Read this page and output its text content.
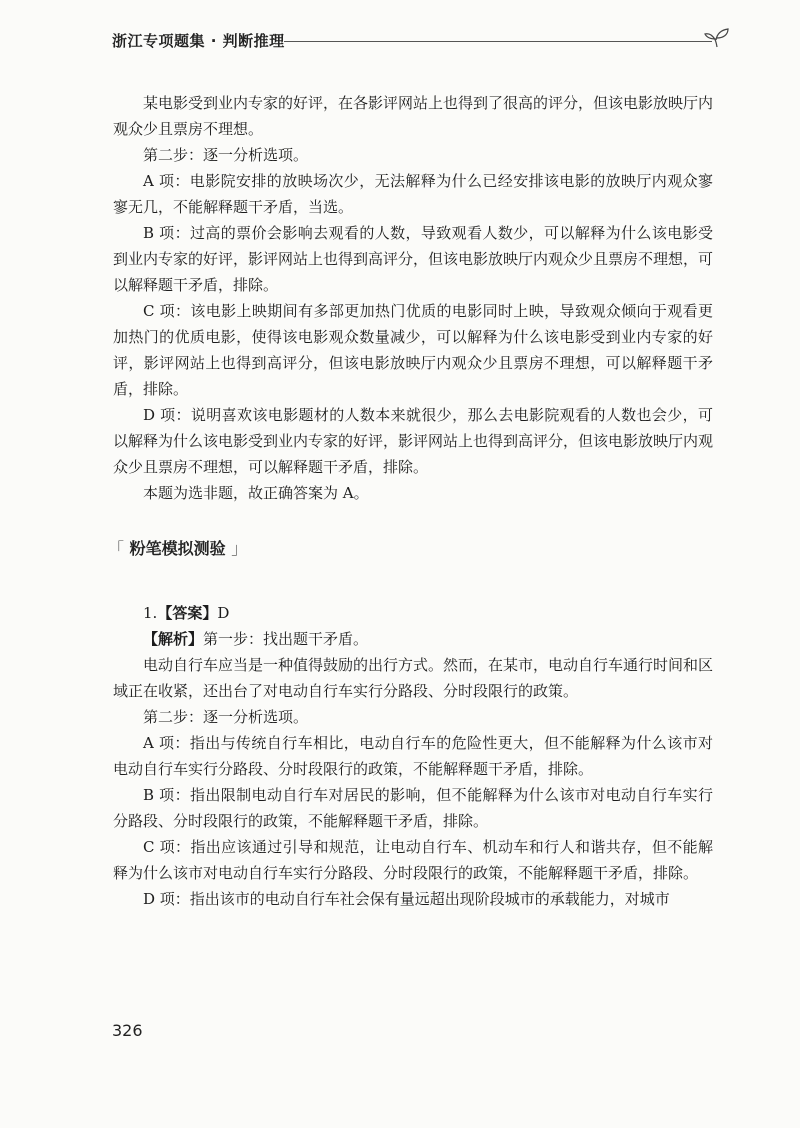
浙江专项题集 · 判断推理

某电影受到业内专家的好评，在各影评网站上也得到了很高的评分，但该电影放映厅内观众少且票房不理想。

第二步：逐一分析选项。

A 项：电影院安排的放映场次少，无法解释为什么已经安排该电影的放映厅内观众寥寥无几，不能解释题干矛盾，当选。

B 项：过高的票价会影响去观看的人数，导致观看人数少，可以解释为什么该电影受到业内专家的好评，影评网站上也得到高评分，但该电影放映厅内观众少且票房不理想，可以解释题干矛盾，排除。

C 项：该电影上映期间有多部更加热门优质的电影同时上映，导致观众倾向于观看更加热门的优质电影，使得该电影观众数量减少，可以解释为什么该电影受到业内专家的好评，影评网站上也得到高评分，但该电影放映厅内观众少且票房不理想，可以解释题干矛盾，排除。

D 项：说明喜欢该电影题材的人数本来就很少，那么去电影院观看的人数也会少，可以解释为什么该电影受到业内专家的好评，影评网站上也得到高评分，但该电影放映厅内观众少且票房不理想，可以解释题干矛盾，排除。

本题为选非题，故正确答案为 A。

「 粉笔模拟测验 」

1.【答案】D

【解析】第一步：找出题干矛盾。

电动自行车应当是一种值得鼓励的出行方式。然而，在某市，电动自行车通行时间和区域正在收紧，还出台了对电动自行车实行分路段、分时段限行的政策。

第二步：逐一分析选项。

A 项：指出与传统自行车相比，电动自行车的危险性更大，但不能解释为什么该市对电动自行车实行分路段、分时段限行的政策，不能解释题干矛盾，排除。

B 项：指出限制电动自行车对居民的影响，但不能解释为什么该市对电动自行车实行分路段、分时段限行的政策，不能解释题干矛盾，排除。

C 项：指出应该通过引导和规范，让电动自行车、机动车和行人和谐共存，但不能解释为什么该市对电动自行车实行分路段、分时段限行的政策，不能解释题干矛盾，排除。

D 项：指出该市的电动自行车社会保有量远超出现阶段城市的承载能力，对城市

326
